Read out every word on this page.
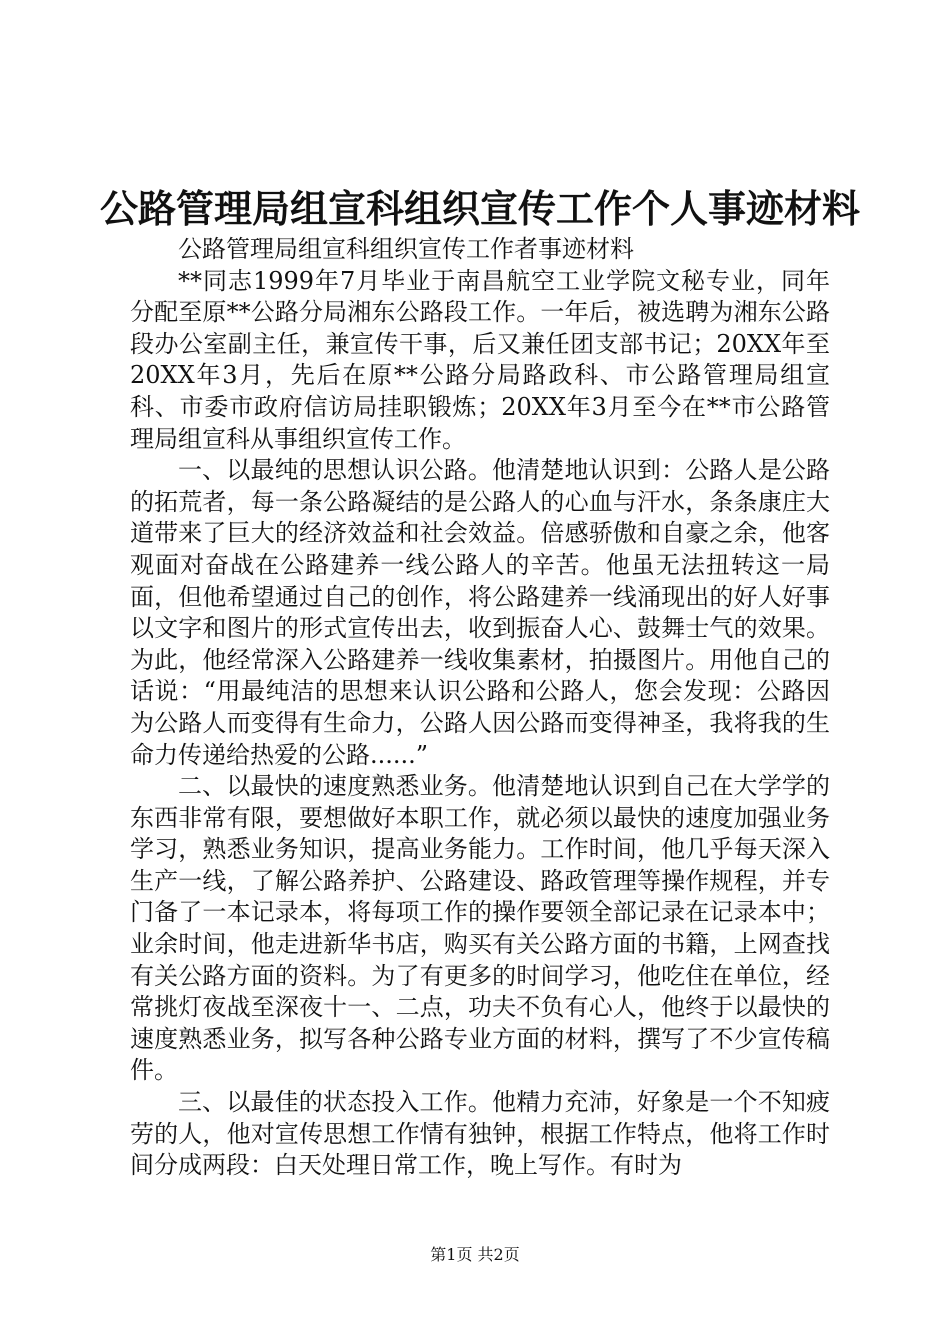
公路管理局组宣科组织宣传工作个人事迹材料

公路管理局组宣科组织宣传工作者事迹材料

**同志1999年7月毕业于南昌航空工业学院文秘专业，同年分配至原**公路分局湘东公路段工作。一年后，被选聘为湘东公路段办公室副主任，兼宣传干事，后又兼任团支部书记；20XX年至20XX年3月，先后在原**公路分局路政科、市公路管理局组宣科、市委市政府信访局挂职锻炼；20XX年3月至今在**市公路管理局组宣科从事组织宣传工作。

一、以最纯的思想认识公路。他清楚地认识到：公路人是公路的拓荒者，每一条公路凝结的是公路人的心血与汗水，条条康庄大道带来了巨大的经济效益和社会效益。倍感骄傲和自豪之余，他客观面对奋战在公路建养一线公路人的辛苦。他虽无法扭转这一局面，但他希望通过自己的创作，将公路建养一线涌现出的好人好事以文字和图片的形式宣传出去，收到振奋人心、鼓舞士气的效果。为此，他经常深入公路建养一线收集素材，拍摄图片。用他自己的话说：“用最纯洁的思想来认识公路和公路人，您会发现：公路因为公路人而变得有生命力，公路人因公路而变得神圣，我将我的生命力传递给热爱的公路......”

二、以最快的速度熟悉业务。他清楚地认识到自己在大学学的东西非常有限，要想做好本职工作，就必须以最快的速度加强业务学习，熟悉业务知识，提高业务能力。工作时间，他几乎每天深入生产一线，了解公路养护、公路建设、路政管理等操作规程，并专门备了一本记录本，将每项工作的操作要领全部记录在记录本中；业余时间，他走进新华书店，购买有关公路方面的书籍，上网查找有关公路方面的资料。为了有更多的时间学习，他吃住在单位，经常挑灯夜战至深夜十一、二点，功夫不负有心人，他终于以最快的速度熟悉业务，拟写各种公路专业方面的材料，撰写了不少宣传稿件。

三、以最佳的状态投入工作。他精力充沛，好象是一个不知疲劳的人，他对宣传思想工作情有独钟，根据工作特点，他将工作时间分成两段：白天处理日常工作，晚上写作。有时为

第1页 共2页
